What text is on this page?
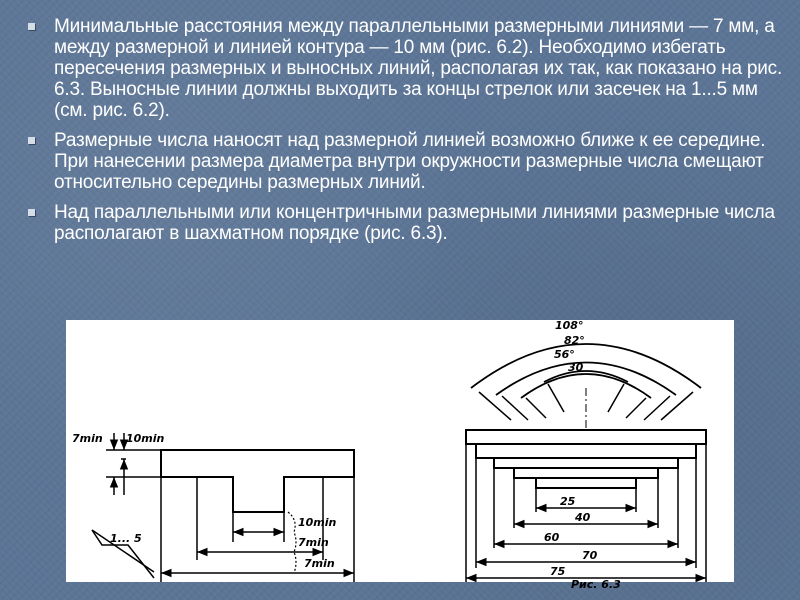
Минимальные расстояния между параллельными размерными линиями — 7 мм, а между размерной и линией контура — 10 мм (рис. 6.2). Необходимо избегать пересечения размерных и выносных линий, располагая их так, как показано на рис. 6.3. Выносные линии должны выходить за концы стрелок или засечек на 1...5 мм (см. рис. 6.2).
Размерные числа наносят над размерной линией возможно ближе к ее середине. При нанесении размера диаметра внутри окружности размерные числа смещают относительно середины размерных линий.
Над параллельными или концентричными размерными линиями размерные числа располагают в шахматном порядке (рис. 6.3).
7min 10min
1... 5
10min
7min
7min
108°
82°
56°
30
25
40
60
70
75
Рис. 6.3
